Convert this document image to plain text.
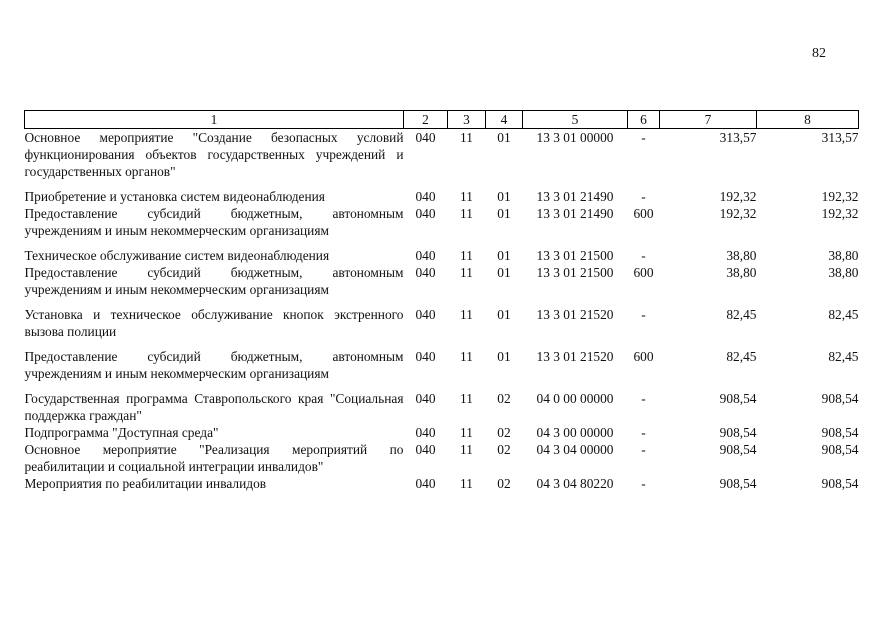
82
1	2	3	4	5	6	7	8
Основное мероприятие "Создание безопасных условий функционирования объектов государственных учреждений и государственных органов"	040	11	01	13 3 01 00000	-	313,57	313,57
Приобретение и установка систем видеонаблюдения	040	11	01	13 3 01 21490	-	192,32	192,32
Предоставление субсидий бюджетным, автономным учреждениям и иным некоммерческим организациям	040	11	01	13 3 01 21490	600	192,32	192,32
Техническое обслуживание систем видеонаблюдения	040	11	01	13 3 01 21500	-	38,80	38,80
Предоставление субсидий бюджетным, автономным учреждениям и иным некоммерческим организациям	040	11	01	13 3 01 21500	600	38,80	38,80
Установка и техническое обслуживание кнопок экстренного вызова полиции	040	11	01	13 3 01 21520	-	82,45	82,45
Предоставление субсидий бюджетным, автономным учреждениям и иным некоммерческим организациям	040	11	01	13 3 01 21520	600	82,45	82,45
Государственная программа Ставропольского края "Социальная поддержка граждан"	040	11	02	04 0 00 00000	-	908,54	908,54
Подпрограмма "Доступная среда"	040	11	02	04 3 00 00000	-	908,54	908,54
Основное мероприятие "Реализация мероприятий по реабилитации и социальной интеграции инвалидов"	040	11	02	04 3 04 00000	-	908,54	908,54
Мероприятия по реабилитации инвалидов	040	11	02	04 3 04 80220	-	908,54	908,54
